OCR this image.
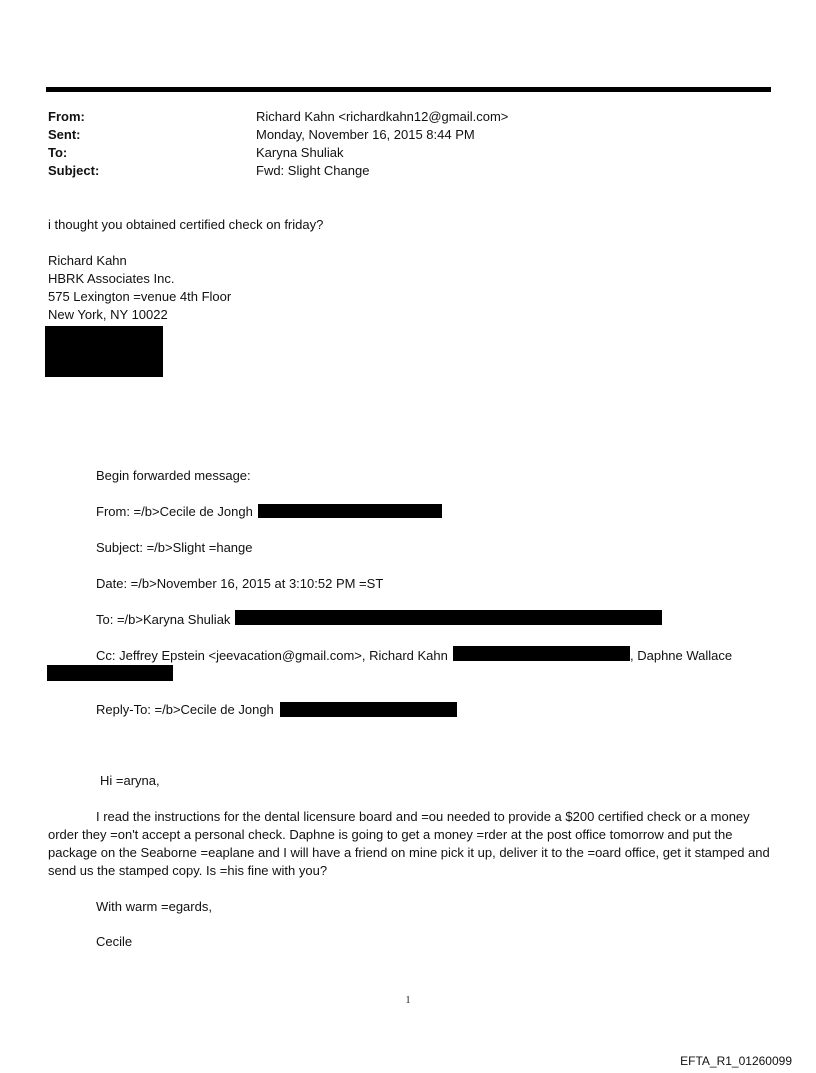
From:	Richard Kahn <richardkahn12@gmail.com>
Sent:	Monday, November 16, 2015 8:44 PM
To:	Karyna Shuliak
Subject:	Fwd: Slight Change
i thought you obtained certified check on friday?
Richard Kahn
HBRK Associates Inc.
575 Lexington =venue 4th Floor
New York, NY 10022
Begin forwarded message:
From: =/b>Cecile de Jongh
Subject: =/b>Slight =hange
Date: =/b>November 16, 2015 at 3:10:52 PM =ST
To: =/b>Karyna Shuliak
Cc: Jeffrey Epstein <jeevacation@gmail.com>, Richard Kahn	, Daphne Wallace
Reply-To: =/b>Cecile de Jongh
Hi =aryna,
I read the instructions for the dental licensure board and =ou needed to provide a $200 certified check or a money order they =on't accept a personal check. Daphne is going to get a money =rder at the post office tomorrow and put the package on the Seaborne =eaplane and I will have a friend on mine pick it up, deliver it to the =oard office, get it stamped and send us the stamped copy. Is =his fine with you?
With warm =egards,
Cecile
1
EFTA_R1_01260099
